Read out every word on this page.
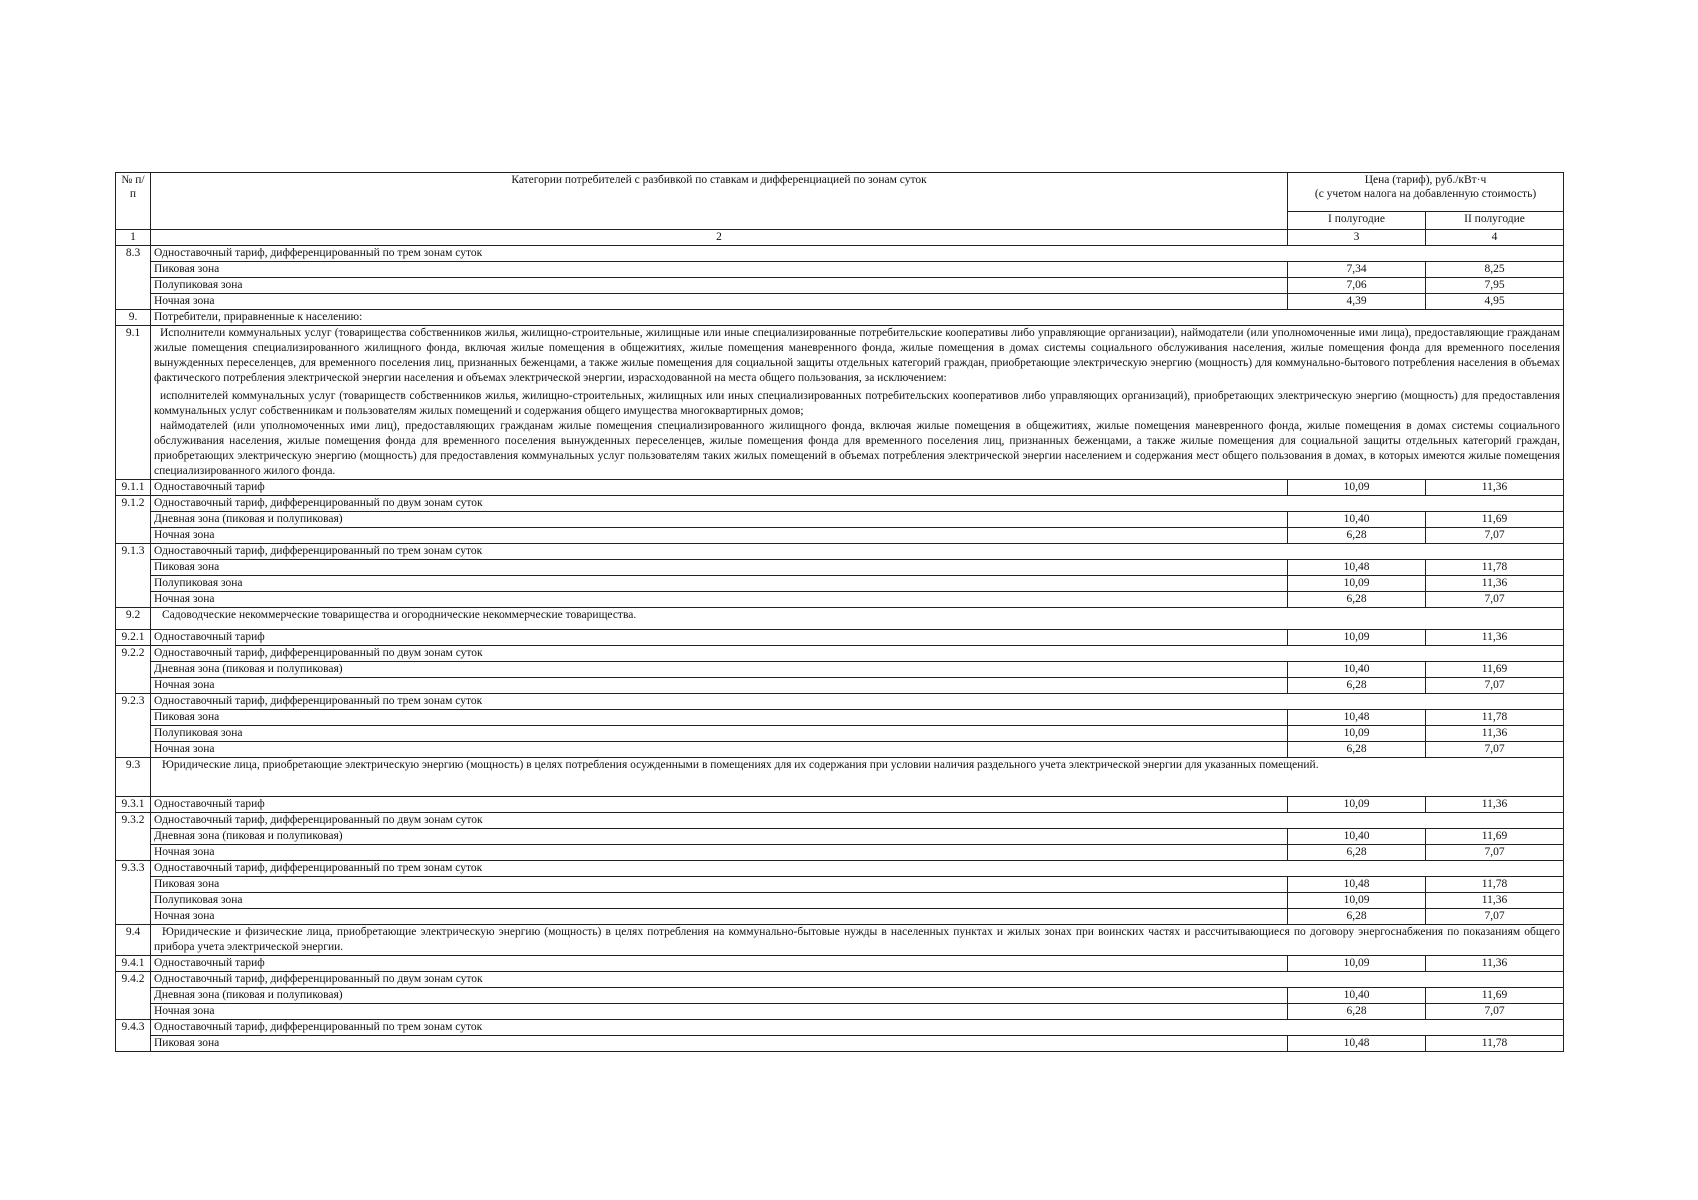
№ п/п	Категории потребителей с разбивкой по ставкам и дифференциацией по зонам суток	Цена (тариф), руб./кВт·ч
(с учетом налога на добавленную стоимость)	

		I полугодие	II полугодие
1	2	3	4
8.3	Одноставочный тариф, дифференцированный по трем зонам суток		
	Пиковая зона	7,34	8,25
	Полупиковая зона	7,06	7,95
	Ночная зона	4,39	4,95
9.	Потребители, приравненные к населению:		
9.1	Исполнители коммунальных услуг (товарищества собственников жилья, жилищно-строительные, жилищные или иные специализированные потребительские кооперативы либо управляющие организации), наймодатели (или уполномоченные ими лица), предоставляющие гражданам жилые помещения специализированного жилищного фонда, включая жилые помещения в общежитиях, жилые помещения маневренного фонда, жилые помещения в домах системы социального обслуживания населения, жилые помещения фонда для временного поселения вынужденных переселенцев, для временного поселения лиц, признанных беженцами, а также жилые помещения для социальной защиты отдельных категорий граждан, приобретающие электрическую энергию (мощность) для коммунально-бытового потребления населения в объемах фактического потребления электрической энергии населения и объемах электрической энергии, израсходованной на места общего пользования, за исключением:
исполнителей коммунальных услуг (товариществ собственников жилья, жилищно-строительных, жилищных или иных специализированных потребительских кооперативов либо управляющих организаций), приобретающих электрическую энергию (мощность) для предоставления коммунальных услуг собственникам и пользователям жилых помещений и содержания общего имущества многоквартирных домов;
наймодателей (или уполномоченных ими лиц), предоставляющих гражданам жилые помещения специализированного жилищного фонда, включая жилые помещения в общежитиях, жилые помещения маневренного фонда, жилые помещения в домах системы социального обслуживания населения, жилые помещения фонда для временного поселения вынужденных переселенцев, жилые помещения фонда для временного поселения лиц, признанных беженцами, а также жилые помещения для социальной защиты отдельных категорий граждан, приобретающих электрическую энергию (мощность) для предоставления коммунальных услуг пользователям таких жилых помещений в объемах потребления электрической энергии населением и содержания мест общего пользования в домах, в которых имеются жилые помещения специализированного жилого фонда.		

9.1.1	Одноставочный тариф	10,09	11,36
9.1.2	Одноставочный тариф, дифференцированный по двум зонам суток		
	Дневная зона (пиковая и полупиковая)	10,40	11,69
	Ночная зона	6,28	7,07
9.1.3	Одноставочный тариф, дифференцированный по трем зонам суток		
	Пиковая зона	10,48	11,78
	Полупиковая зона	10,09	11,36
	Ночная зона	6,28	7,07
9.2	Садоводческие некоммерческие товарищества и огороднические некоммерческие товарищества.		
9.2.1	Одноставочный тариф	10,09	11,36
9.2.2	Одноставочный тариф, дифференцированный по двум зонам суток		
	Дневная зона (пиковая и полупиковая)	10,40	11,69
	Ночная зона	6,28	7,07
9.2.3	Одноставочный тариф, дифференцированный по трем зонам суток		
	Пиковая зона	10,48	11,78
	Полупиковая зона	10,09	11,36
	Ночная зона	6,28	7,07
9.3	Юридические лица, приобретающие электрическую энергию (мощность) в целях потребления осужденными в помещениях для их содержания при условии наличия раздельного учета электрической энергии для указанных помещений.		
9.3.1	Одноставочный тариф	10,09	11,36
9.3.2	Одноставочный тариф, дифференцированный по двум зонам суток		
	Дневная зона (пиковая и полупиковая)	10,40	11,69
	Ночная зона	6,28	7,07
9.3.3	Одноставочный тариф, дифференцированный по трем зонам суток		
	Пиковая зона	10,48	11,78
	Полупиковая зона	10,09	11,36
	Ночная зона	6,28	7,07
9.4	Юридические и физические лица, приобретающие электрическую энергию (мощность) в целях потребления на коммунально-бытовые нужды в населенных пунктах и жилых зонах при воинских частях и рассчитывающиеся по договору энергоснабжения по показаниям общего прибора учета электрической энергии.		
9.4.1	Одноставочный тариф	10,09	11,36
9.4.2	Одноставочный тариф, дифференцированный по двум зонам суток		
	Дневная зона (пиковая и полупиковая)	10,40	11,69
	Ночная зона	6,28	7,07
9.4.3	Одноставочный тариф, дифференцированный по трем зонам суток		
	Пиковая зона	10,48	11,78
